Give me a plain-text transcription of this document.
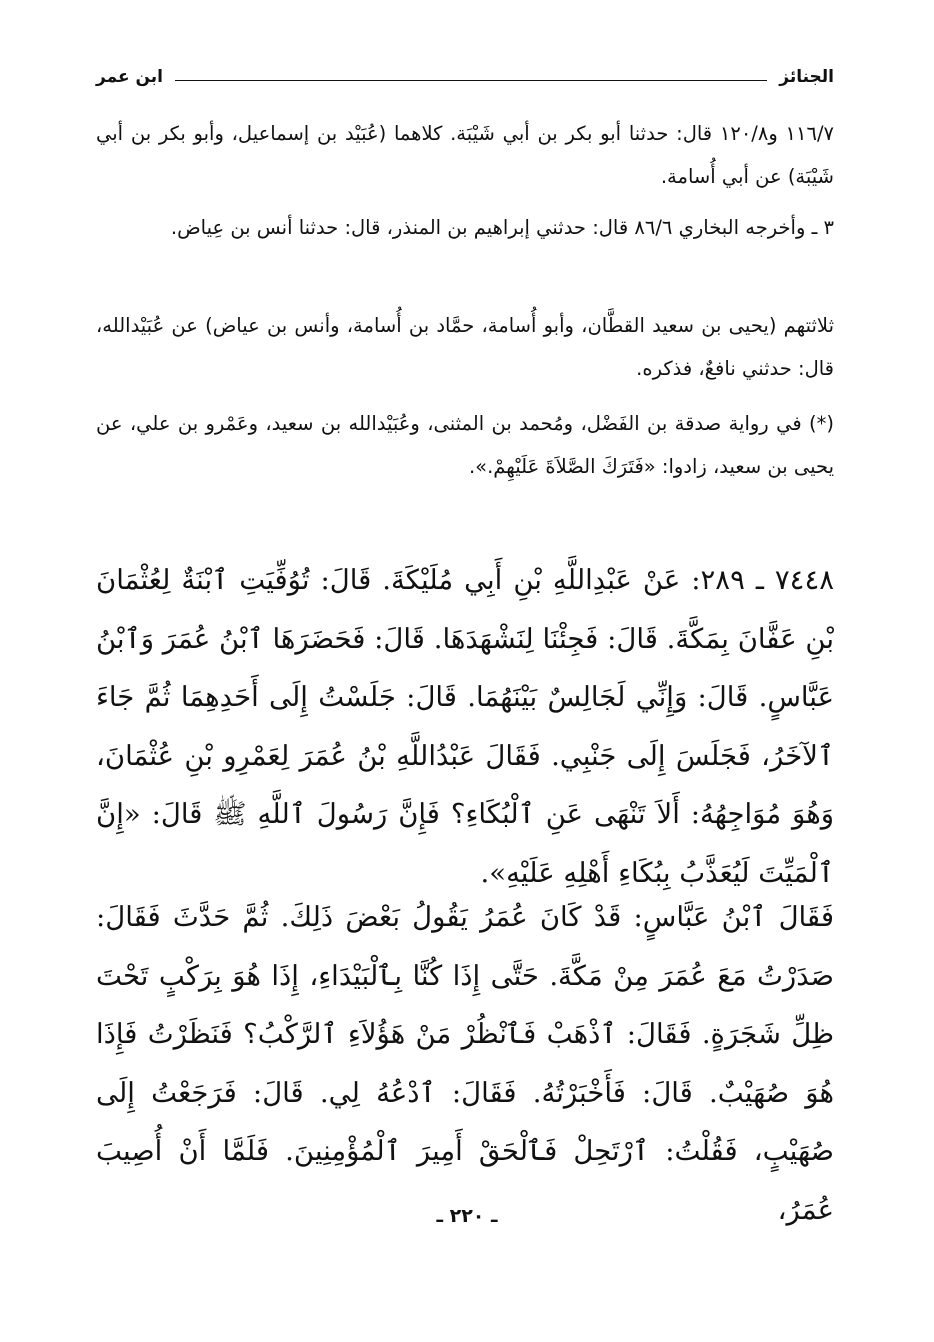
الجنائز
ابن عمر

١١٦/٧ و١٢٠/٨ قال: حدثنا أبو بكر بن أبي شَيْبَة. كلاهما (عُبَيْد بن إسماعيل، وأبو بكر بن أبي شَيْبَة) عن أبي أُسامة.

٣ ـ وأخرجه البخاري ٨٦/٦ قال: حدثني إبراهيم بن المنذر، قال: حدثنا أنس بن عِياض.

ثلاثتهم (يحيى بن سعيد القطَّان، وأبو أُسامة، حمَّاد بن أُسامة، وأنس بن عياض) عن عُبَيْدالله، قال: حدثني نافعٌ، فذكره.

(*) في رواية صدقة بن الفَضْل، ومُحمد بن المثنى، وعُبَيْدالله بن سعيد، وعَمْرو بن علي، عن يحيى بن سعيد، زادوا: «فَتَرَكَ الصَّلاَةَ عَلَيْهِمْ.».

٧٤٤٨ ـ ٢٨٩: عَنْ عَبْدِاللَّهِ بْنِ أَبِي مُلَيْكَةَ. قَالَ: تُوُفِّيَتِ ٱبْنَةٌ لِعُثْمَانَ بْنِ عَفَّانَ بِمَكَّةَ. قَالَ: فَجِئْنَا لِنَشْهَدَهَا. قَالَ: فَحَضَرَهَا ٱبْنُ عُمَرَ وَٱبْنُ عَبَّاسٍ. قَالَ: وَإِنِّي لَجَالِسٌ بَيْنَهُمَا. قَالَ: جَلَسْتُ إِلَى أَحَدِهِمَا ثُمَّ جَاءَ ٱلآخَرُ، فَجَلَسَ إِلَى جَنْبِي. فَقَالَ عَبْدُاللَّهِ بْنُ عُمَرَ لِعَمْرِو بْنِ عُثْمَانَ، وَهُوَ مُوَاجِهُهُ: أَلاَ تَنْهَى عَنِ ٱلْبُكَاءِ؟ فَإِنَّ رَسُولَ ٱللَّهِ ﷺ قَالَ: «إِنَّ ٱلْمَيِّتَ لَيُعَذَّبُ بِبُكَاءِ أَهْلِهِ عَلَيْهِ».

فَقَالَ ٱبْنُ عَبَّاسٍ: قَدْ كَانَ عُمَرُ يَقُولُ بَعْضَ ذَلِكَ. ثُمَّ حَدَّثَ فَقَالَ: صَدَرْتُ مَعَ عُمَرَ مِنْ مَكَّةَ. حَتَّى إِذَا كُنَّا بِٱلْبَيْدَاءِ، إِذَا هُوَ بِرَكْبٍ تَحْتَ ظِلِّ شَجَرَةٍ. فَقَالَ: ٱذْهَبْ فَٱنْظُرْ مَنْ هَؤُلاَءِ ٱلرَّكْبُ؟ فَنَظَرْتُ فَإِذَا هُوَ صُهَيْبٌ. قَالَ: فَأَخْبَرْتُهُ. فَقَالَ: ٱدْعُهُ لِي. قَالَ: فَرَجَعْتُ إِلَى صُهَيْبٍ، فَقُلْتُ: ٱرْتَحِلْ فَٱلْحَقْ أَمِيرَ ٱلْمُؤْمِنِينَ. فَلَمَّا أَنْ أُصِيبَ عُمَرُ،

ـ ٢٢٠ ـ
